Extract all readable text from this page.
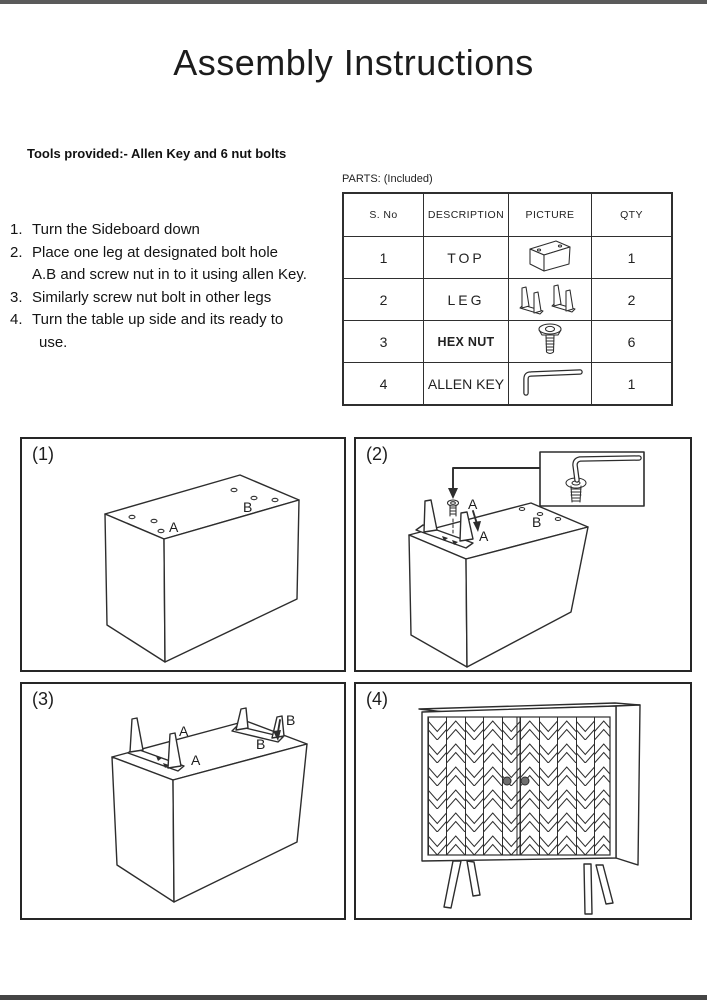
Assembly Instructions
Tools provided:- Allen Key and 6 nut bolts
1. Turn the Sideboard down
2. Place one leg at designated bolt hole
A.B and screw nut in to it using allen Key.
3. Similarly screw nut bolt in other legs
4. Turn the table up side and its ready to
use.
PARTS: (Included)
S. No	DESCRIPTION	PICTURE	QTY
1	TOP		1
2	LEG		2
3	HEX NUT		6
4	ALLEN KEY		1
(1)
A
B
(2)
A
A
B
(3)
A
A
B
B
(4)
